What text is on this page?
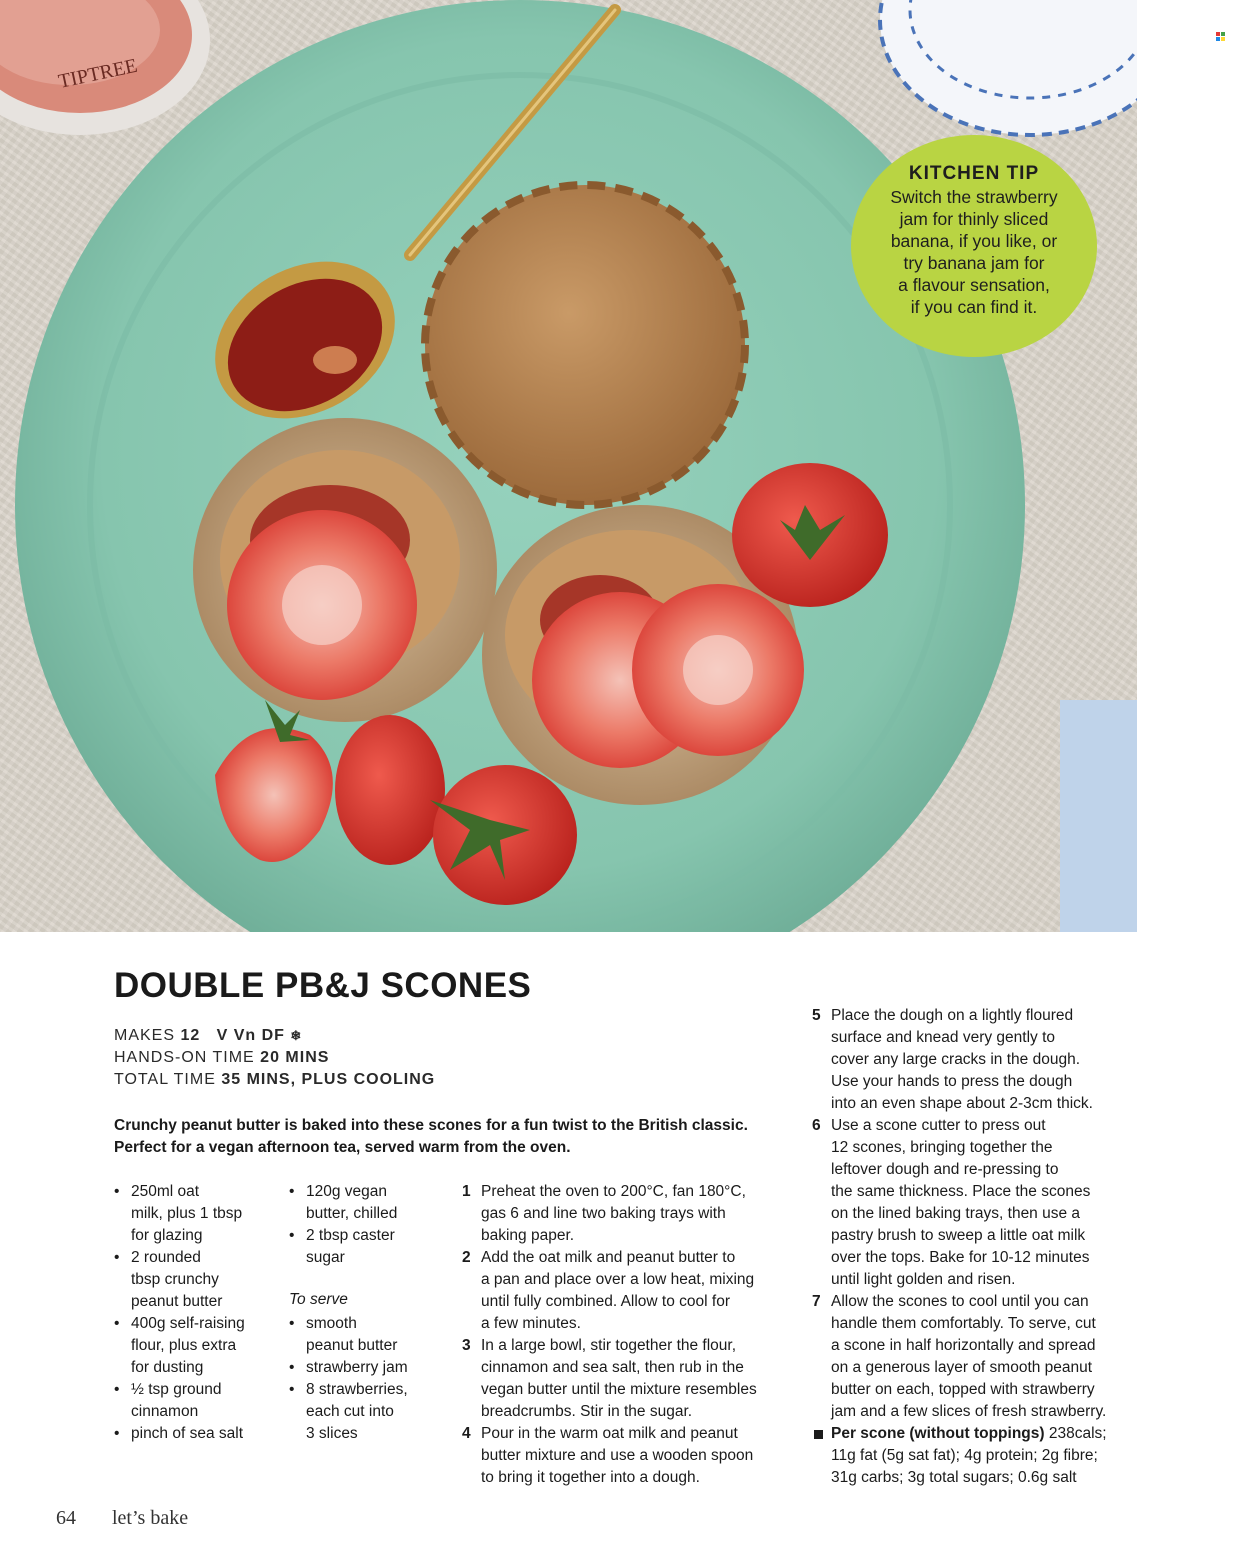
TIPTREE
KITCHEN TIP
Switch the strawberry
jam for thinly sliced
banana, if you like, or
try banana jam for
a flavour sensation,
if you can find it.
DOUBLE PB&J SCONES
MAKES 12 V Vn DF ❄
HANDS-ON TIME 20 MINS
TOTAL TIME 35 MINS, PLUS COOLING
Crunchy peanut butter is baked into these scones for a fun twist to the British classic.
Perfect for a vegan afternoon tea, served warm from the oven.
• 250ml oat
milk, plus 1 tbsp
for glazing
• 2 rounded
tbsp crunchy
peanut butter
• 400g self-raising
flour, plus extra
for dusting
• ½ tsp ground
cinnamon
• pinch of sea salt
• 120g vegan
butter, chilled
• 2 tbsp caster
sugar
To serve
• smooth
peanut butter
• strawberry jam
• 8 strawberries,
each cut into
3 slices
1 Preheat the oven to 200°C, fan 180°C,
gas 6 and line two baking trays with
baking paper.
2 Add the oat milk and peanut butter to
a pan and place over a low heat, mixing
until fully combined. Allow to cool for
a few minutes.
3 In a large bowl, stir together the flour,
cinnamon and sea salt, then rub in the
vegan butter until the mixture resembles
breadcrumbs. Stir in the sugar.
4 Pour in the warm oat milk and peanut
butter mixture and use a wooden spoon
to bring it together into a dough.
5 Place the dough on a lightly floured
surface and knead very gently to
cover any large cracks in the dough.
Use your hands to press the dough
into an even shape about 2-3cm thick.
6 Use a scone cutter to press out
12 scones, bringing together the
leftover dough and re-pressing to
the same thickness. Place the scones
on the lined baking trays, then use a
pastry brush to sweep a little oat milk
over the tops. Bake for 10-12 minutes
until light golden and risen.
7 Allow the scones to cool until you can
handle them comfortably. To serve, cut
a scone in half horizontally and spread
on a generous layer of smooth peanut
butter on each, topped with strawberry
jam and a few slices of fresh strawberry.
Per scone (without toppings) 238cals;
11g fat (5g sat fat); 4g protein; 2g fibre;
31g carbs; 3g total sugars; 0.6g salt
64 let’s bake
